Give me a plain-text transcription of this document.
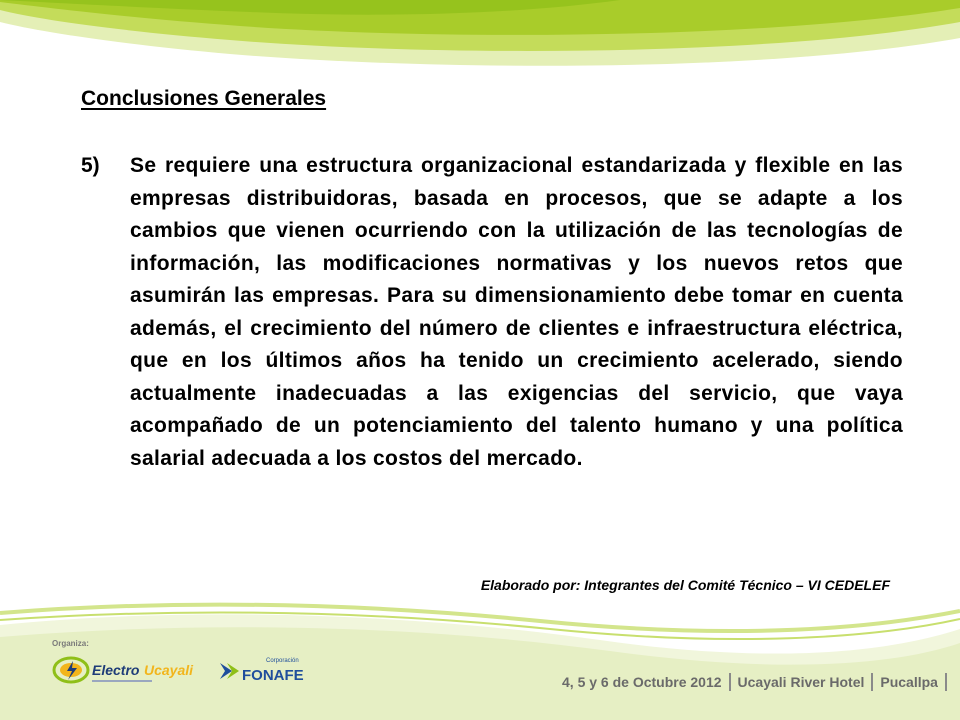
Conclusiones Generales
5)	Se requiere una estructura organizacional estandarizada y flexible en las empresas distribuidoras, basada en procesos, que se adapte a los cambios que vienen ocurriendo con la utilización de las tecnologías de información, las modificaciones normativas y los nuevos retos que asumirán las empresas. Para su dimensionamiento debe tomar en cuenta además, el crecimiento del número de clientes e infraestructura eléctrica, que en los últimos años ha tenido un crecimiento acelerado, siendo actualmente inadecuadas a las exigencias del servicio, que vaya acompañado de un potenciamiento del talento humano y una política salarial adecuada a los costos del mercado.
Elaborado por: Integrantes del Comité Técnico – VI CEDELEF
Organiza:
Electro Ucayali
Corporación
FONAFE	4, 5 y 6 de Octubre 2012 Ucayali River Hotel Pucallpa
